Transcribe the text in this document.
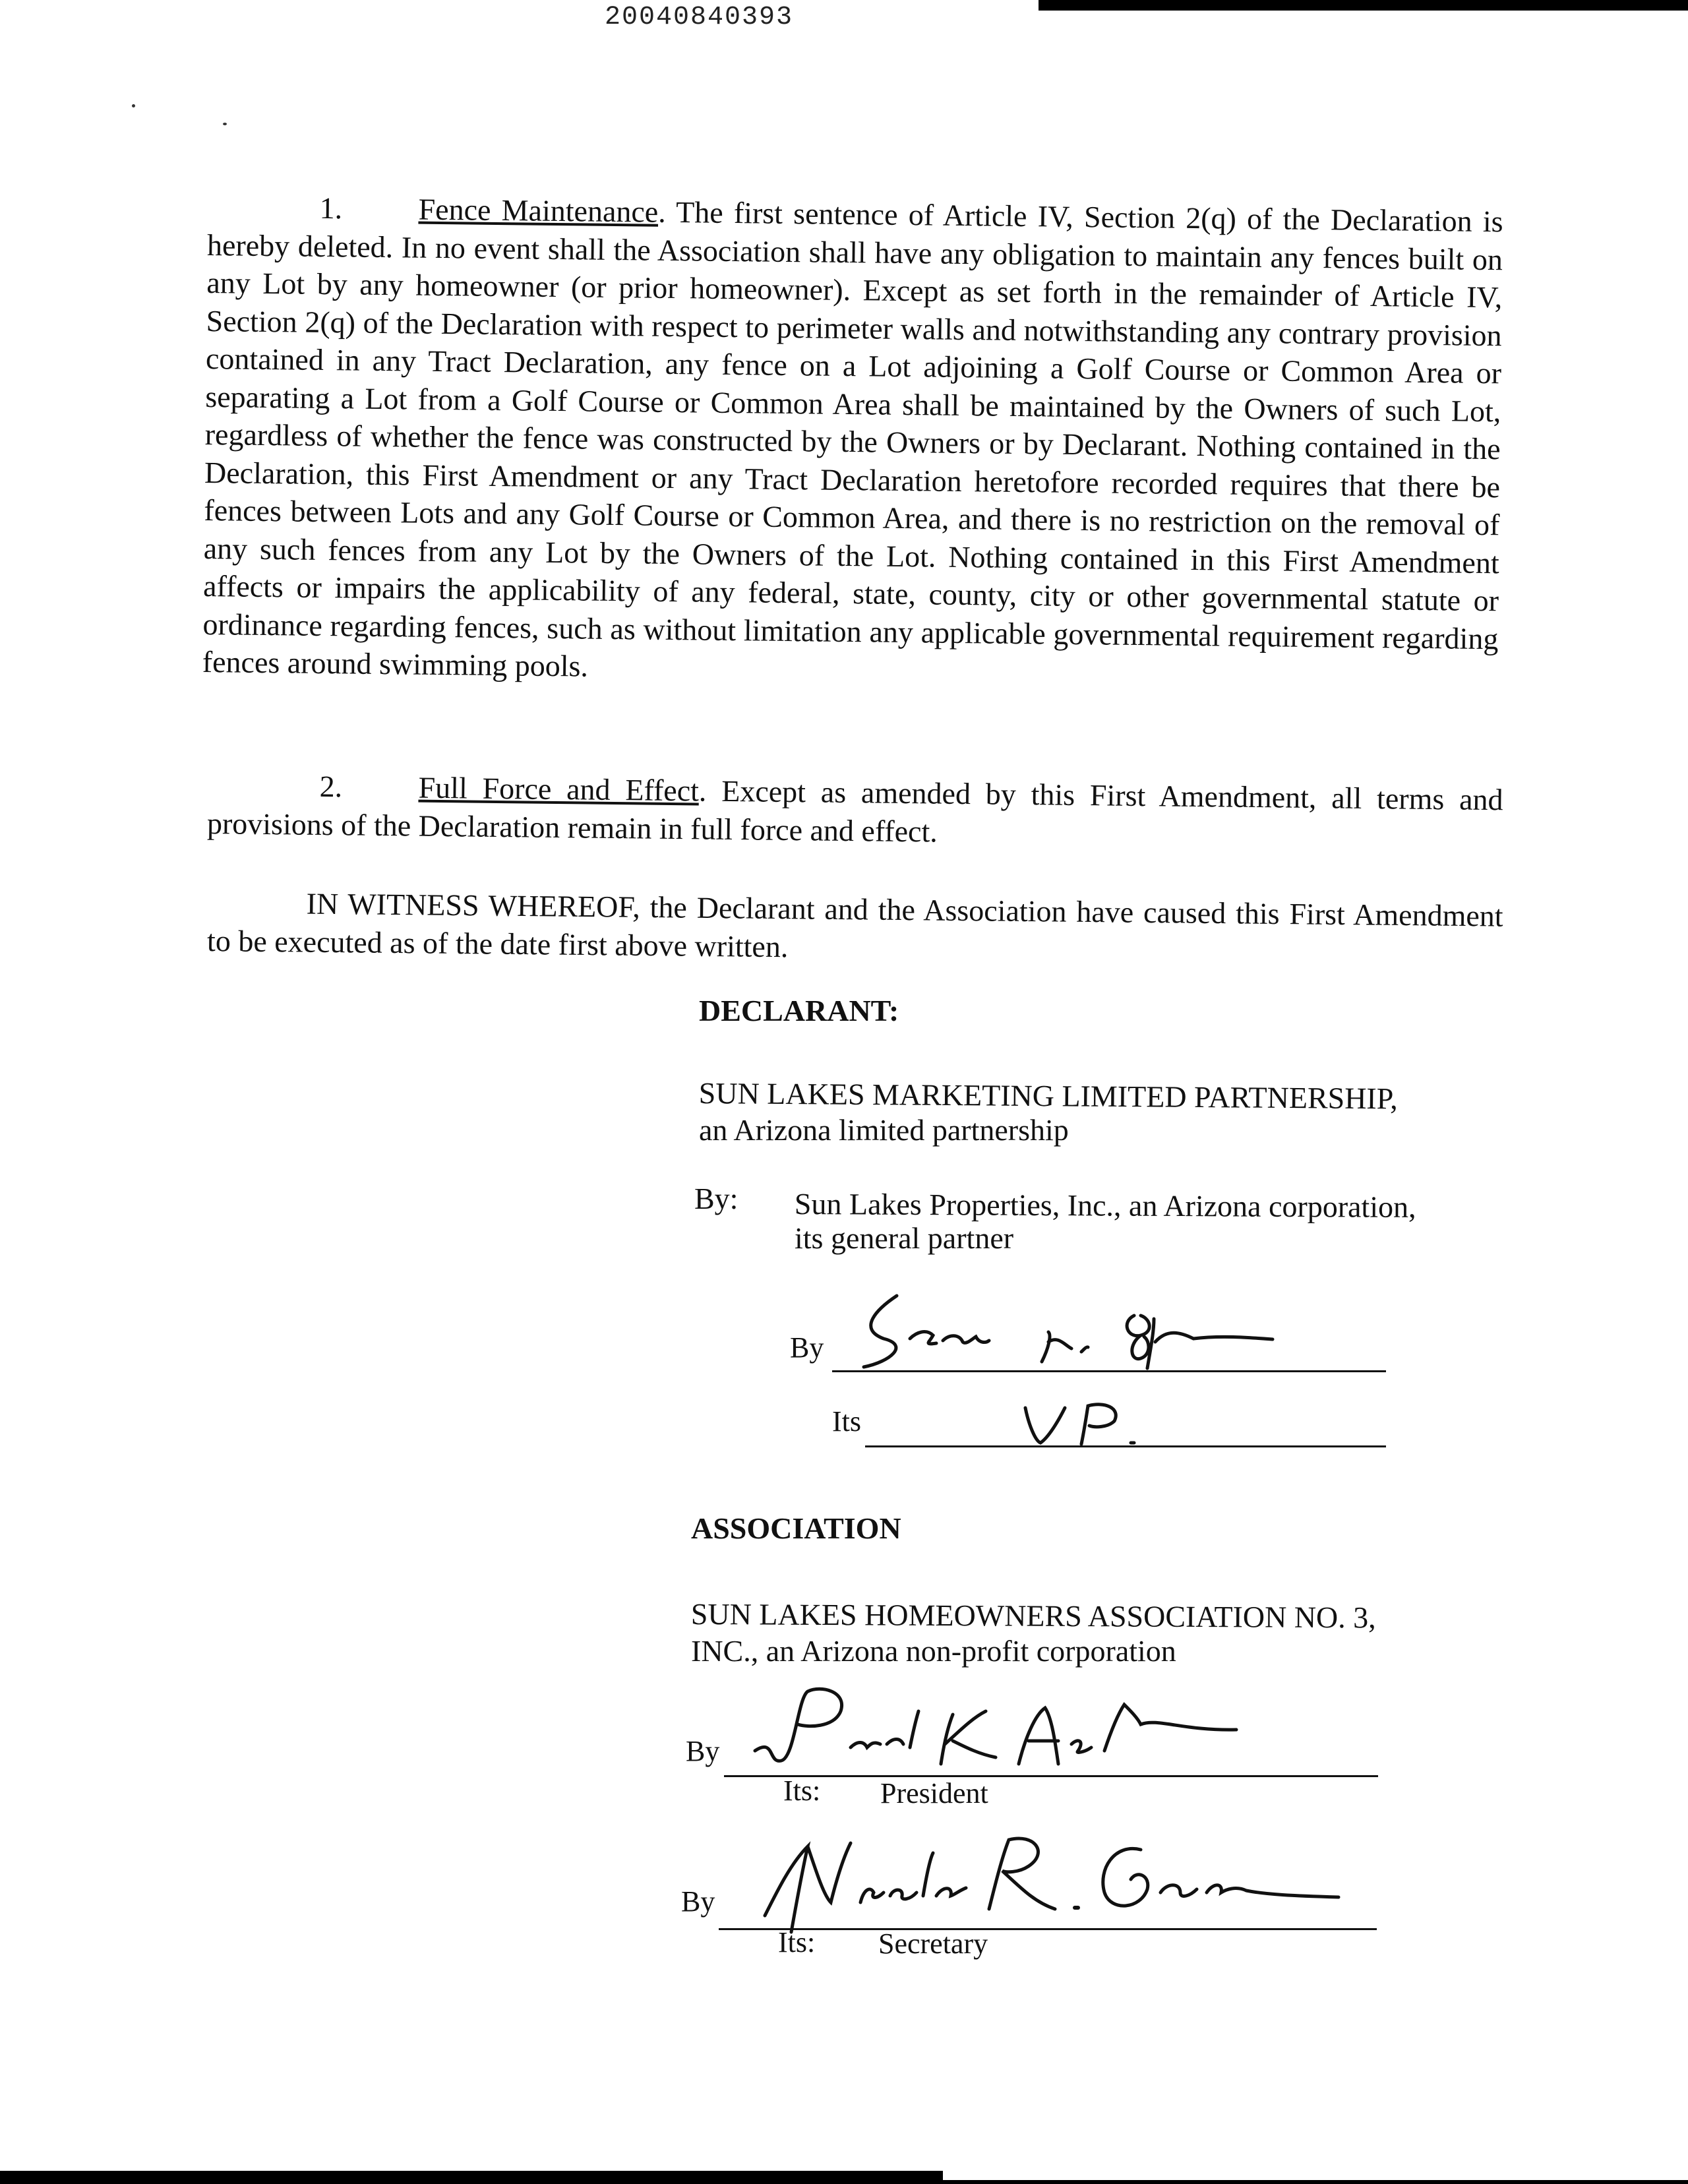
20040840393
1. Fence Maintenance. The first sentence of Article IV, Section 2(q) of the Declaration is hereby deleted. In no event shall the Association shall have any obligation to maintain any fences built on any Lot by any homeowner (or prior homeowner). Except as set forth in the remainder of Article IV, Section 2(q) of the Declaration with respect to perimeter walls and notwithstanding any contrary provision contained in any Tract Declaration, any fence on a Lot adjoining a Golf Course or Common Area or separating a Lot from a Golf Course or Common Area shall be maintained by the Owners of such Lot, regardless of whether the fence was constructed by the Owners or by Declarant. Nothing contained in the Declaration, this First Amendment or any Tract Declaration heretofore recorded requires that there be fences between Lots and any Golf Course or Common Area, and there is no restriction on the removal of any such fences from any Lot by the Owners of the Lot. Nothing contained in this First Amendment affects or impairs the applicability of any federal, state, county, city or other governmental statute or ordinance regarding fences, such as without limitation any applicable governmental requirement regarding fences around swimming pools.
2. Full Force and Effect. Except as amended by this First Amendment, all terms and provisions of the Declaration remain in full force and effect.
IN WITNESS WHEREOF, the Declarant and the Association have caused this First Amendment to be executed as of the date first above written.
DECLARANT:
SUN LAKES MARKETING LIMITED PARTNERSHIP,
an Arizona limited partnership
By: Sun Lakes Properties, Inc., an Arizona corporation,
its general partner
By
Its
ASSOCIATION
SUN LAKES HOMEOWNERS ASSOCIATION NO. 3,
INC., an Arizona non-profit corporation
By
Its: President
By
Its: Secretary
